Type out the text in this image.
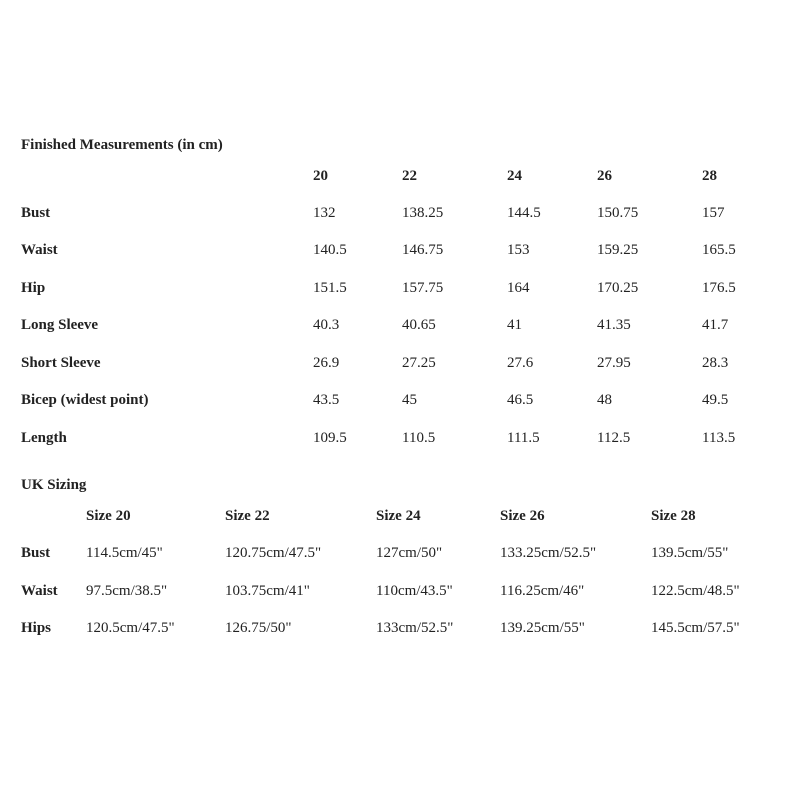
Finished Measurements (in cm)
20	22	24	26	28
Bust	132	138.25	144.5	150.75	157
Waist	140.5	146.75	153	159.25	165.5
Hip	151.5	157.75	164	170.25	176.5
Long Sleeve	40.3	40.65	41	41.35	41.7
Short Sleeve	26.9	27.25	27.6	27.95	28.3
Bicep (widest point)	43.5	45	46.5	48	49.5
Length	109.5	110.5	111.5	112.5	113.5
UK Sizing
Size 20	Size 22	Size 24	Size 26	Size 28
Bust 114.5cm/45"	120.75cm/47.5"	127cm/50"	133.25cm/52.5"	139.5cm/55"
Waist 97.5cm/38.5"	103.75cm/41"	110cm/43.5"	116.25cm/46"	122.5cm/48.5"
Hips 120.5cm/47.5"	126.75/50"	133cm/52.5"	139.25cm/55"	145.5cm/57.5"
